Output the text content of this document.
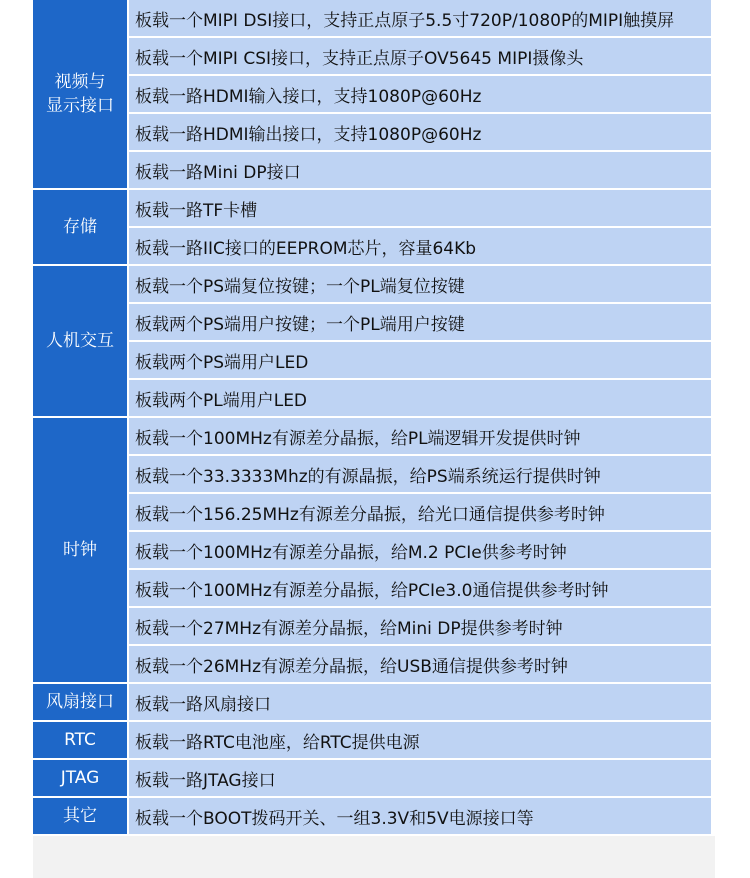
视频与
显示接口	板载一个MIPI DSI接口，支持正点原子5.5寸720P/1080P的MIPI触摸屏
	板载一个MIPI CSI接口，支持正点原子OV5645 MIPI摄像头
	板载一路HDMI输入接口，支持1080P@60Hz
	板载一路HDMI输出接口，支持1080P@60Hz
	板载一路Mini DP接口
存储	板载一路TF卡槽
	板载一路IIC接口的EEPROM芯片，容量64Kb
人机交互	板载一个PS端复位按键；一个PL端复位按键
	板载两个PS端用户按键；一个PL端用户按键
	板载两个PS端用户LED
	板载两个PL端用户LED
时钟	板载一个100MHz有源差分晶振，给PL端逻辑开发提供时钟
	板载一个33.3333Mhz的有源晶振，给PS端系统运行提供时钟
	板载一个156.25MHz有源差分晶振，给光口通信提供参考时钟
	板载一个100MHz有源差分晶振，给M.2 PCIe供参考时钟
	板载一个100MHz有源差分晶振，给PCIe3.0通信提供参考时钟
	板载一个27MHz有源差分晶振，给Mini DP提供参考时钟
	板载一个26MHz有源差分晶振，给USB通信提供参考时钟
风扇接口	板载一路风扇接口
RTC	板载一路RTC电池座，给RTC提供电源
JTAG	板载一路JTAG接口
其它	板载一个BOOT拨码开关、一组3.3V和5V电源接口等
